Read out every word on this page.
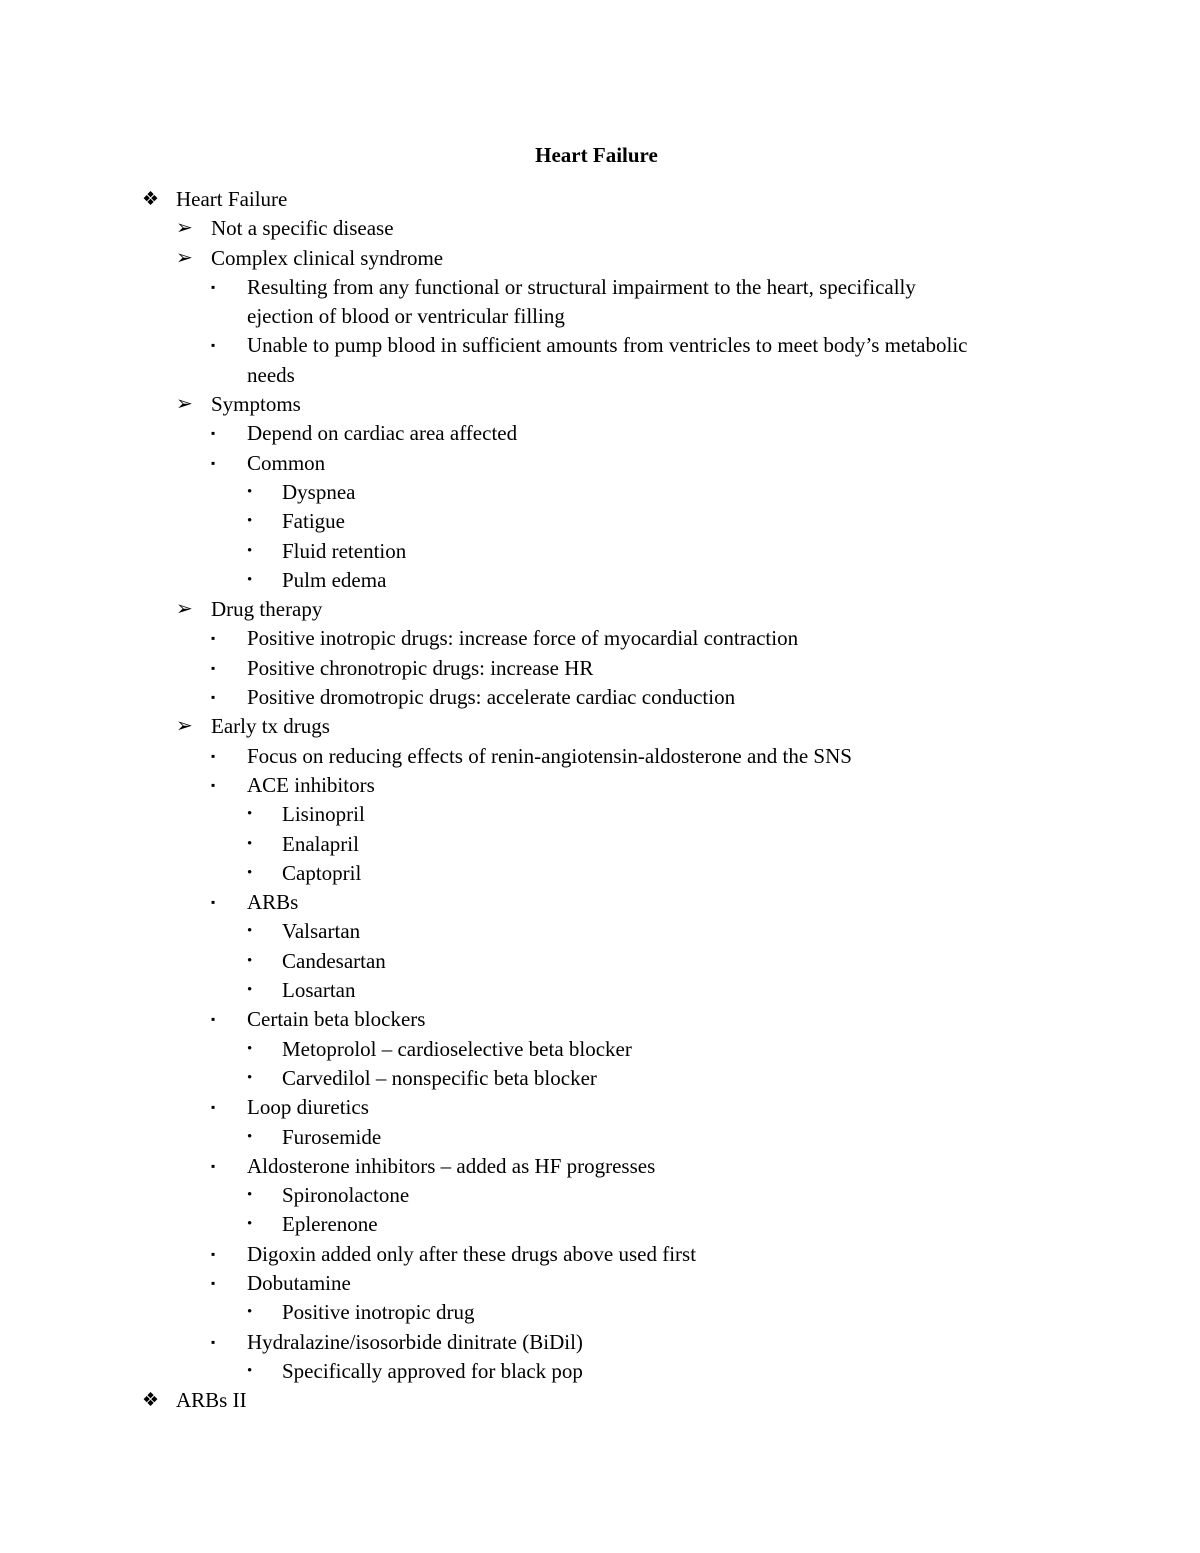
Heart Failure
❖ Heart Failure
➢ Not a specific disease
➢ Complex clinical syndrome
▪ Resulting from any functional or structural impairment to the heart, specifically
ejection of blood or ventricular filling
▪ Unable to pump blood in sufficient amounts from ventricles to meet body’s metabolic
needs
➢ Symptoms
▪ Depend on cardiac area affected
▪ Common
• Dyspnea
• Fatigue
• Fluid retention
• Pulm edema
➢ Drug therapy
▪ Positive inotropic drugs: increase force of myocardial contraction
▪ Positive chronotropic drugs: increase HR
▪ Positive dromotropic drugs: accelerate cardiac conduction
➢ Early tx drugs
▪ Focus on reducing effects of renin-angiotensin-aldosterone and the SNS
▪ ACE inhibitors
• Lisinopril
• Enalapril
• Captopril
▪ ARBs
• Valsartan
• Candesartan
• Losartan
▪ Certain beta blockers
• Metoprolol – cardioselective beta blocker
• Carvedilol – nonspecific beta blocker
▪ Loop diuretics
• Furosemide
▪ Aldosterone inhibitors – added as HF progresses
• Spironolactone
• Eplerenone
▪ Digoxin added only after these drugs above used first
▪ Dobutamine
• Positive inotropic drug
▪ Hydralazine/isosorbide dinitrate (BiDil)
• Specifically approved for black pop
❖ ARBs II
